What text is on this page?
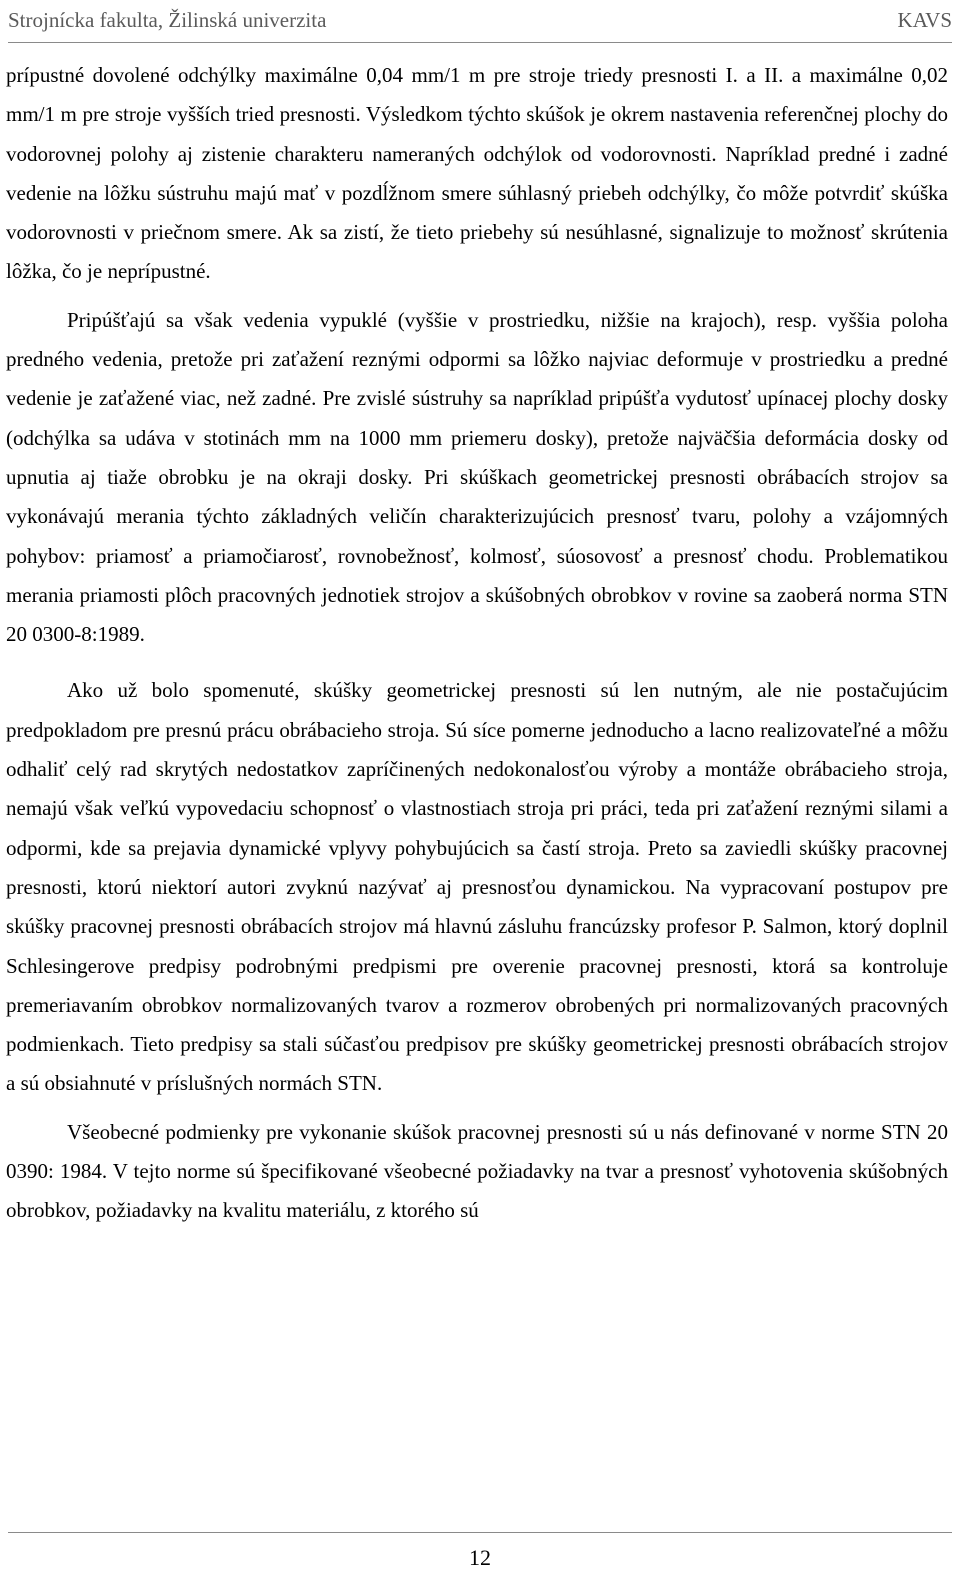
Strojnícka fakulta, Žilinská univerzita	KAVS

prípustné dovolené odchýlky maximálne 0,04 mm/1 m pre stroje triedy presnosti I. a II. a maximálne 0,02 mm/1 m pre stroje vyšších tried presnosti. Výsledkom týchto skúšok je okrem nastavenia referenčnej plochy do vodorovnej polohy aj zistenie charakteru nameraných odchýlok od vodorovnosti. Napríklad predné i zadné vedenie na lôžku sústruhu majú mať v pozdĺžnom smere súhlasný priebeh odchýlky, čo môže potvrdiť skúška vodorovnosti v priečnom smere. Ak sa zistí, že tieto priebehy sú nesúhlasné, signalizuje to možnosť skrútenia lôžka, čo je neprípustné.

Pripúšťajú sa však vedenia vypuklé (vyššie v prostriedku, nižšie na krajoch), resp. vyššia poloha predného vedenia, pretože pri zaťažení reznými odpormi sa lôžko najviac deformuje v prostriedku a predné vedenie je zaťažené viac, než zadné. Pre zvislé sústruhy sa napríklad pripúšťa vydutosť upínacej plochy dosky (odchýlka sa udáva v stotinách mm na 1000 mm priemeru dosky), pretože najväčšia deformácia dosky od upnutia aj tiaže obrobku je na okraji dosky. Pri skúškach geometrickej presnosti obrábacích strojov sa vykonávajú merania týchto základných veličín charakterizujúcich presnosť tvaru, polohy a vzájomných pohybov: priamosť a priamočiarosť, rovnobežnosť, kolmosť, súosovosť a presnosť chodu. Problematikou merania priamosti plôch pracovných jednotiek strojov a skúšobných obrobkov v rovine sa zaoberá norma STN 20 0300-8:1989.

Ako už bolo spomenuté, skúšky geometrickej presnosti sú len nutným, ale nie postačujúcim predpokladom pre presnú prácu obrábacieho stroja. Sú síce pomerne jednoducho a lacno realizovateľné a môžu odhaliť celý rad skrytých nedostatkov zapríčinených nedokonalosťou výroby a montáže obrábacieho stroja, nemajú však veľkú vypovedaciu schopnosť o vlastnostiach stroja pri práci, teda pri zaťažení reznými silami a odpormi, kde sa prejavia dynamické vplyvy pohybujúcich sa častí stroja. Preto sa zaviedli skúšky pracovnej presnosti, ktorú niektorí autori zvyknú nazývať aj presnosťou dynamickou. Na vypracovaní postupov pre skúšky pracovnej presnosti obrábacích strojov má hlavnú zásluhu francúzsky profesor P. Salmon, ktorý doplnil Schlesingerove predpisy podrobnými predpismi pre overenie pracovnej presnosti, ktorá sa kontroluje premeriavaním obrobkov normalizovaných tvarov a rozmerov obrobených pri normalizovaných pracovných podmienkach. Tieto predpisy sa stali súčasťou predpisov pre skúšky geometrickej presnosti obrábacích strojov a sú obsiahnuté v príslušných normách STN.

Všeobecné podmienky pre vykonanie skúšok pracovnej presnosti sú u nás definované v norme STN 20 0390: 1984. V tejto norme sú špecifikované všeobecné požiadavky na tvar a presnosť vyhotovenia skúšobných obrobkov, požiadavky na kvalitu materiálu, z ktorého sú

12
